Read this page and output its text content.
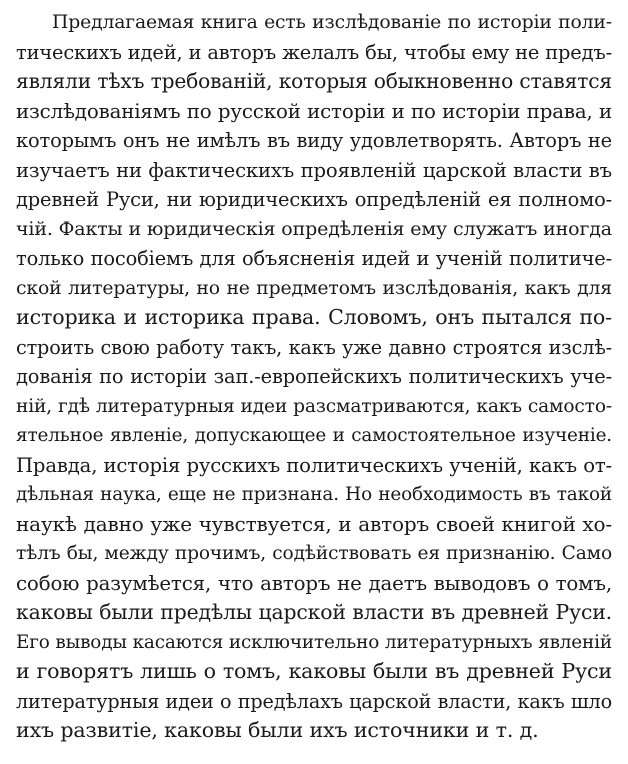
Предлагаемая книга есть изслѣдованіе по исторіи поли-
тическихъ идей, и авторъ желалъ бы, чтобы ему не предъ-
являли тѣхъ требованій, которыя обыкновенно ставятся
изслѣдованіямъ по русской исторіи и по исторіи права, и
которымъ онъ не имѣлъ въ виду удовлетворять. Авторъ не
изучаетъ ни фактическихъ проявленій царской власти въ
древней Руси, ни юридическихъ опредѣленій ея полномо-
чій. Факты и юридическія опредѣленія ему служатъ иногда
только пособіемъ для объясненія идей и ученій политиче-
ской литературы, но не предметомъ изслѣдованія, какъ для
историка и историка права. Словомъ, онъ пытался по-
строить свою работу такъ, какъ уже давно строятся изслѣ-
дованія по исторіи зап.-европейскихъ политическихъ уче-
ній, гдѣ литературныя идеи разсматриваются, какъ самосто-
ятельное явленіе, допускающее и самостоятельное изученіе.
Правда, исторія русскихъ политическихъ ученій, какъ от-
дѣльная наука, еще не признана. Но необходимость въ такой
наукѣ давно уже чувствуется, и авторъ своей книгой хо-
тѣлъ бы, между прочимъ, содѣйствовать ея признанію. Само
собою разумѣется, что авторъ не даетъ выводовъ о томъ,
каковы были предѣлы царской власти въ древней Руси.
Его выводы касаются исключительно литературныхъ явленій
и говорятъ лишь о томъ, каковы были въ древней Руси
литературныя идеи о предѣлахъ царской власти, какъ шло
ихъ развитіе, каковы были ихъ источники и т. д.
